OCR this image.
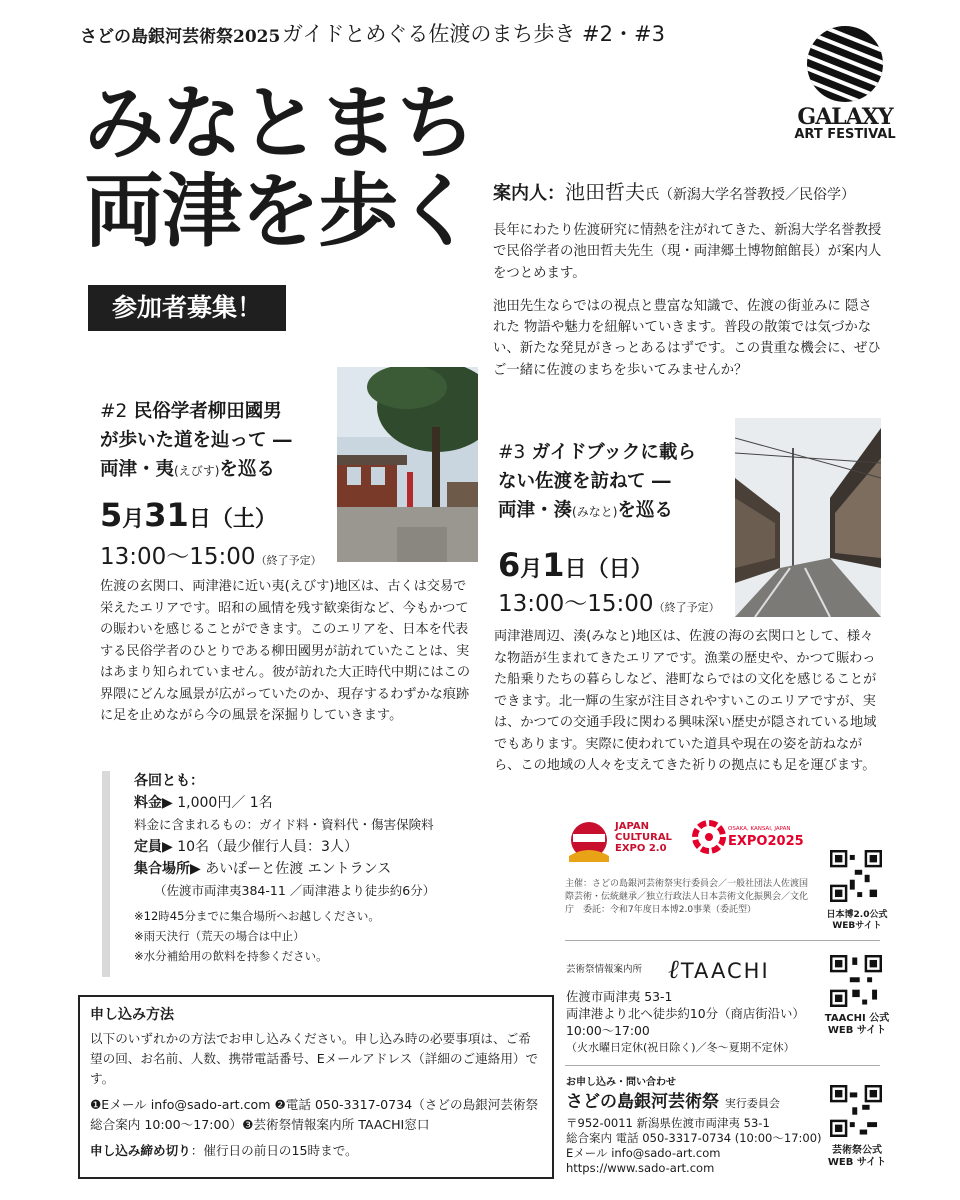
さどの島銀河芸術祭2025 ガイドとめぐる佐渡のまち歩き #2・#3
GALAXY
ART FESTIVAL
みなとまち
両津を歩く
参加者募集！
案内人：池田哲夫氏（新潟大学名誉教授／民俗学）

長年にわたり佐渡研究に情熱を注がれてきた、新潟大学名誉教授で民俗学者の池田哲夫先生（現・両津郷土博物館館長）が案内人をつとめます。

池田先生ならではの視点と豊富な知識で、佐渡の街並みに 隠された 物語や魅力を紐解いていきます。普段の散策では気づかない、新たな発見がきっとあるはずです。この貴重な機会に、ぜひご一緒に佐渡のまちを歩いてみませんか？

#2 民俗学者柳田國男
が歩いた道を辿って ―
両津・夷(えびす)を巡る
5月31日（土）
13:00〜15:00（終了予定）
佐渡の玄関口、両津港に近い夷(えびす)地区は、古くは交易で栄えたエリアです。昭和の風情を残す歓楽街など、今もかつての賑わいを感じることができます。このエリアを、日本を代表する民俗学者のひとりである柳田國男が訪れていたことは、実はあまり知られていません。彼が訪れた大正時代中期にはこの界隈にどんな風景が広がっていたのか、現存するわずかな痕跡に足を止めながら今の風景を深掘りしていきます。
#3 ガイドブックに載ら
ない佐渡を訪ねて ―
両津・湊(みなと)を巡る
6月1日（日）
13:00〜15:00（終了予定）
両津港周辺、湊(みなと)地区は、佐渡の海の玄関口として、様々な物語が生まれてきたエリアです。漁業の歴史や、かつて賑わった船乗りたちの暮らしなど、港町ならではの文化を感じることができます。北一輝の生家が注目されやすいこのエリアですが、実は、かつての交通手段に関わる興味深い歴史が隠されている地域でもあります。実際に使われていた道具や現在の姿を訪ねながら、この地域の人々を支えてきた祈りの拠点にも足を運びます。
各回とも：
料金▶ 1,000円／ 1名
料金に含まれるもの：ガイド料・資料代・傷害保険料
定員▶ 10名（最少催行人員：3人）
集合場所▶ あいぽーと佐渡 エントランス
（佐渡市両津夷384-11 ／両津港より徒歩約6分）
※12時45分までに集合場所へお越しください。
※雨天決行（荒天の場合は中止）
※水分補給用の飲料を持参ください。
申し込み方法
以下のいずれかの方法でお申し込みください。申し込み時の必要事項は、ご希望の回、お名前、人数、携帯電話番号、Eメールアドレス（詳細のご連絡用）です。
❶Eメール info@sado-art.com ❷電話 050-3317-0734（さどの島銀河芸術祭総合案内 10:00〜17:00）❸芸術祭情報案内所 TAACHI窓口
申し込み締め切り：催行日の前日の15時まで。
JAPAN
CULTURAL
EXPO 2.0
OSAKA, KANSAI, JAPAN
EXPO2025
主催：さどの島銀河芸術祭実行委員会／一般社団法人佐渡国際芸術・伝統継承／独立行政法人日本芸術文化振興会／文化庁　委託：令和7年度日本博2.0事業（委託型）	日本博2.0公式WEBサイト
芸術祭情報案内所 ℓTAACHI
佐渡市両津夷 53-1
両津港より北へ徒歩約10分（商店街沿い）
10:00〜17:00
（火水曜日定休(祝日除く)／冬〜夏期不定休）
TAACHI 公式 WEB サイト
お申し込み・問い合わせ
さどの島銀河芸術祭 実行委員会
〒952-0011 新潟県佐渡市両津夷 53-1
総合案内 電話 050-3317-0734 (10:00〜17:00)
Eメール info@sado-art.com
https://www.sado-art.com
芸術祭公式 WEB サイト
